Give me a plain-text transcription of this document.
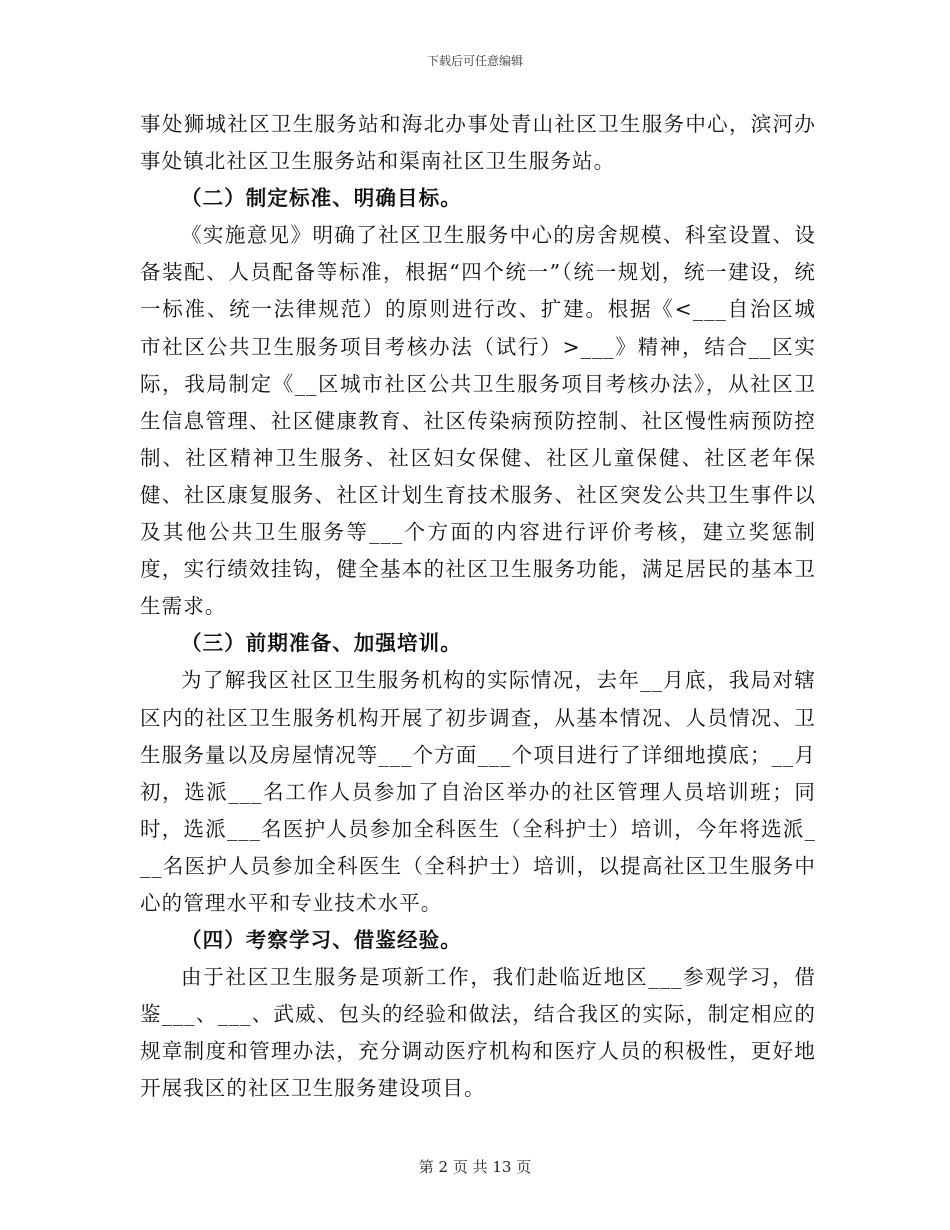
下载后可任意编辑

事处狮城社区卫生服务站和海北办事处青山社区卫生服务中心，滨河办事处镇北社区卫生服务站和渠南社区卫生服务站。

（二）制定标准、明确目标。

《实施意见》明确了社区卫生服务中心的房舍规模、科室设置、设备装配、人员配备等标准，根据“四个统一”（统一规划，统一建设，统一标准、统一法律规范）的原则进行改、扩建。根据《<___自治区城市社区公共卫生服务项目考核办法（试行）>___》精神，结合__区实际，我局制定《__区城市社区公共卫生服务项目考核办法》，从社区卫生信息管理、社区健康教育、社区传染病预防控制、社区慢性病预防控制、社区精神卫生服务、社区妇女保健、社区儿童保健、社区老年保健、社区康复服务、社区计划生育技术服务、社区突发公共卫生事件以及其他公共卫生服务等___个方面的内容进行评价考核，建立奖惩制度，实行绩效挂钩，健全基本的社区卫生服务功能，满足居民的基本卫生需求。

（三）前期准备、加强培训。

为了解我区社区卫生服务机构的实际情况，去年__月底，我局对辖区内的社区卫生服务机构开展了初步调查，从基本情况、人员情况、卫生服务量以及房屋情况等___个方面___个项目进行了详细地摸底；__月初，选派___名工作人员参加了自治区举办的社区管理人员培训班；同时，选派___名医护人员参加全科医生（全科护士）培训，今年将选派___名医护人员参加全科医生（全科护士）培训，以提高社区卫生服务中心的管理水平和专业技术水平。

（四）考察学习、借鉴经验。

由于社区卫生服务是项新工作，我们赴临近地区___参观学习，借鉴___、___、武威、包头的经验和做法，结合我区的实际，制定相应的规章制度和管理办法，充分调动医疗机构和医疗人员的积极性，更好地开展我区的社区卫生服务建设项目。

第 2 页 共 13 页
